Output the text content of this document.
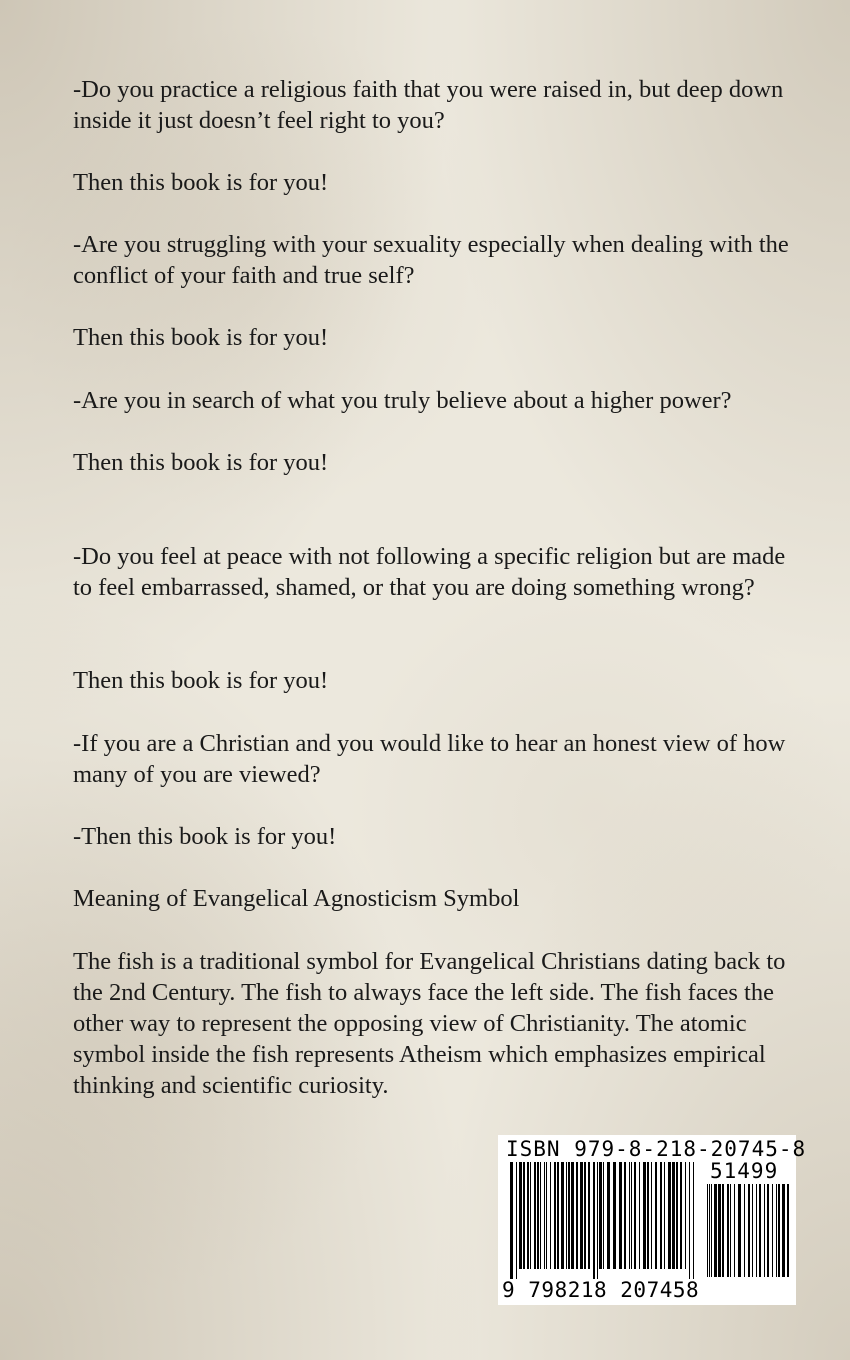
-Do you practice a religious faith that you were raised in, but deep down inside it just doesn’t feel right to you?

Then this book is for you!

-Are you struggling with your sexuality especially when dealing with the conflict of your faith and true self?

Then this book is for you!

-Are you in search of what you truly believe about a higher power?

Then this book is for you!

-Do you feel at peace with not following a specific religion but are made to feel embarrassed, shamed, or that you are doing something wrong?

Then this book is for you!

-If you are a Christian and you would like to hear an honest view of how many of you are viewed?

-Then this book is for you!

Meaning of Evangelical Agnosticism Symbol

The fish is a traditional symbol for Evangelical Christians dating back to the 2nd Century. The fish to always face the left side. The fish faces the other way to represent the opposing view of Christianity. The atomic symbol inside the fish represents Atheism which emphasizes empirical thinking and scientific curiosity.

ISBN 979-8-218-20745-8
51499
9 798218 207458
